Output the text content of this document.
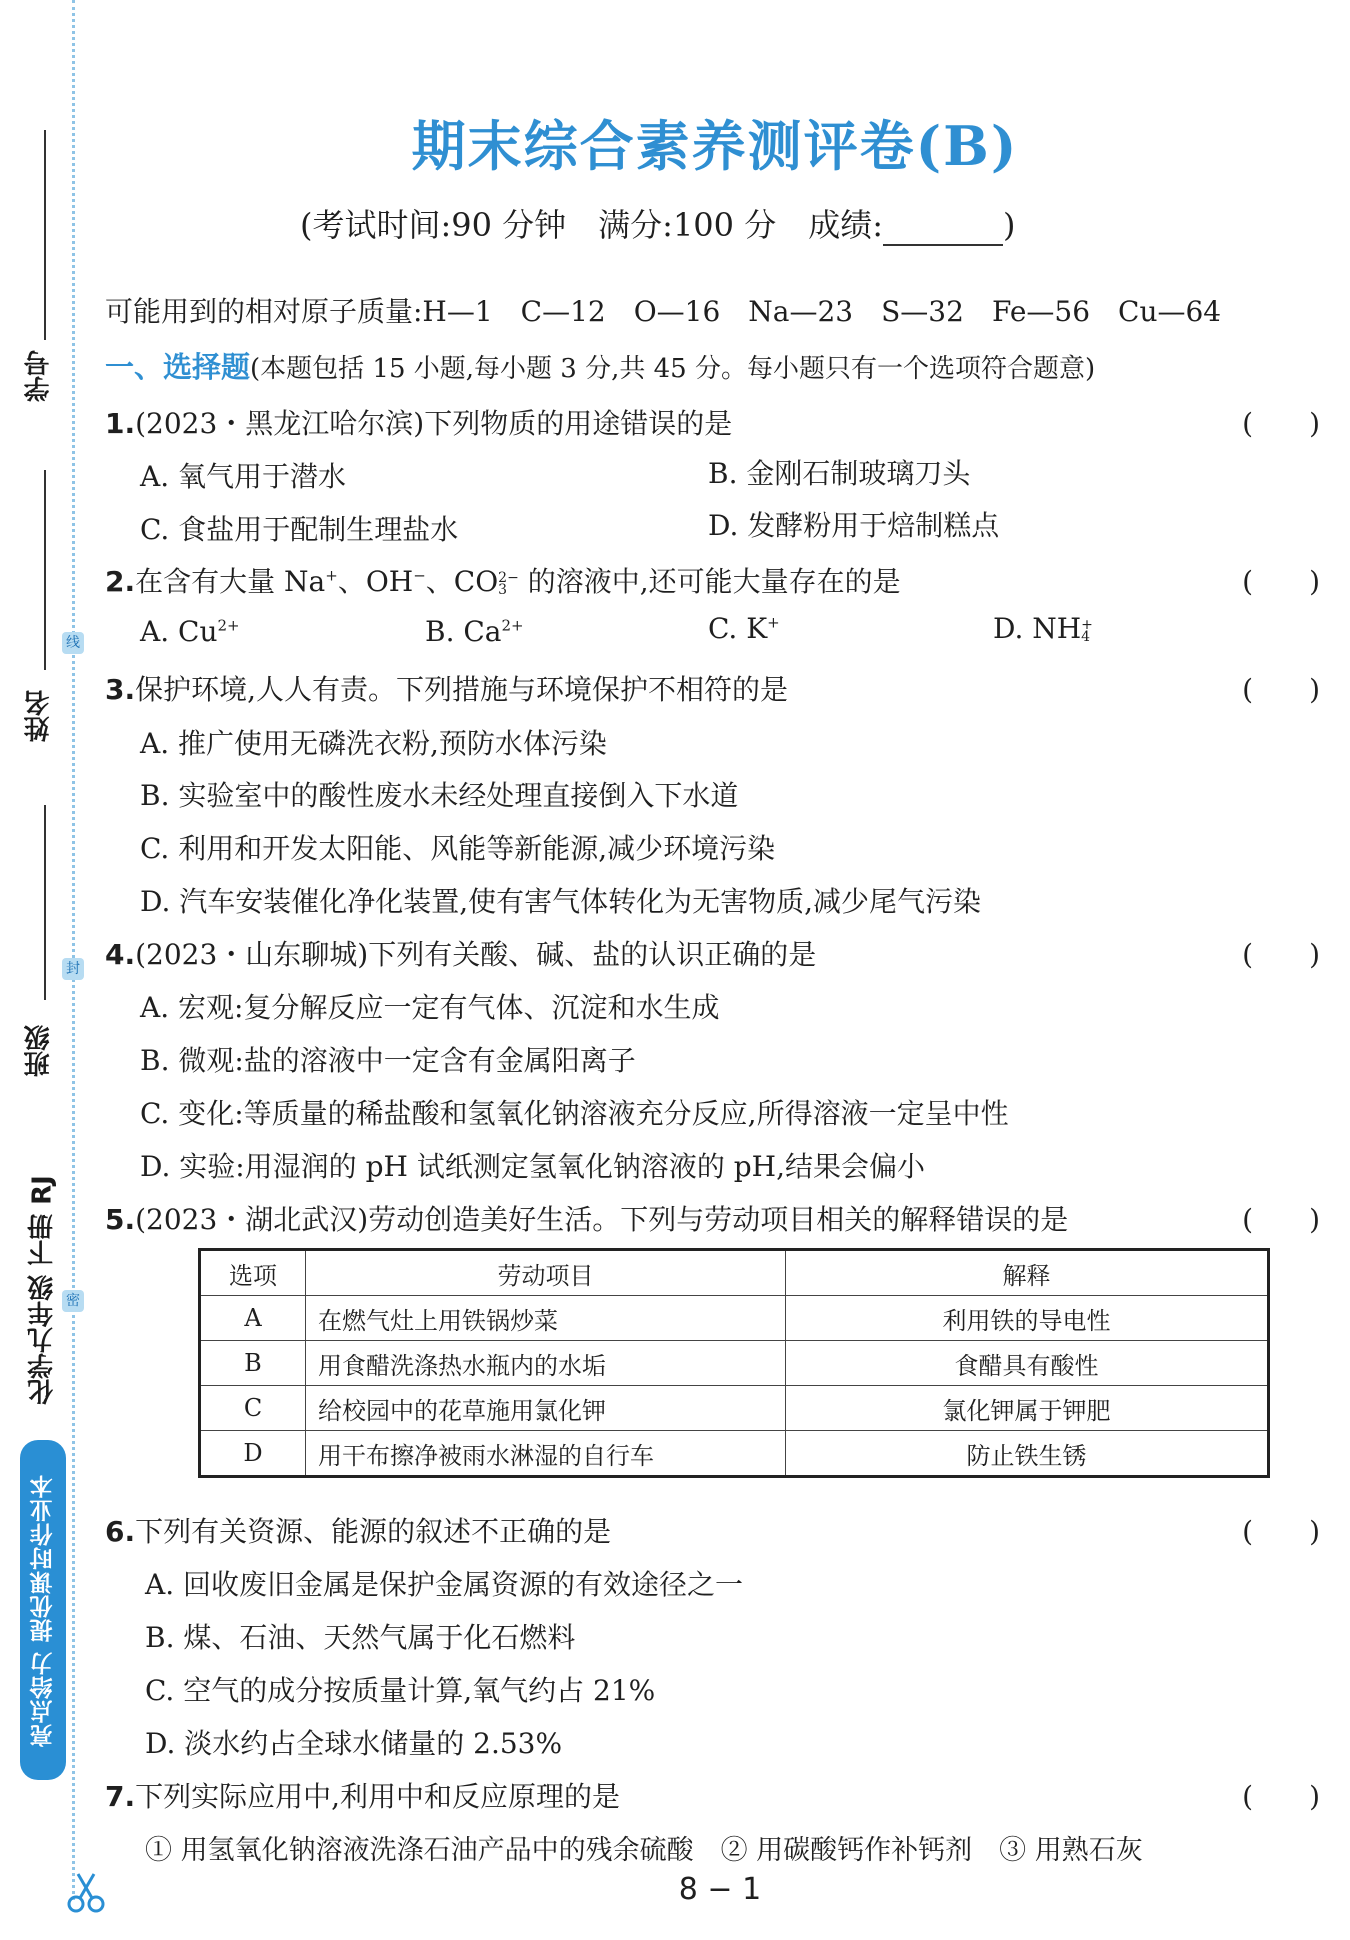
学号
线
姓名
封
班级
密
化学九年级 下册 RJ
亮点给力 提优课时作业本
期末综合素养测评卷(B)
(考试时间:90 分钟　满分:100 分　成绩:	)
可能用到的相对原子质量:H—1　C—12　O—16　Na—23　S—32　Fe—56　Cu—64
一、选择题(本题包括 15 小题,每小题 3 分,共 45 分。每小题只有一个选项符合题意)
1.(2023・黑龙江哈尔滨)下列物质的用途错误的是	(　　)
A. 氧气用于潜水	B. 金刚石制玻璃刀头
C. 食盐用于配制生理盐水	D. 发酵粉用于焙制糕点
2.在含有大量 Na+、OH−、CO 2−
3 的溶液中,还可能大量存在的是	(　　)
A. $Cu^{2+}$	B. $Ca^{2+}$	C. K+	D. NH +
4
3.保护环境,人人有责。下列措施与环境保护不相符的是	(　　)
A. 推广使用无磷洗衣粉,预防水体污染
B. 实验室中的酸性废水未经处理直接倒入下水道
C. 利用和开发太阳能、风能等新能源,减少环境污染
D. 汽车安装催化净化装置,使有害气体转化为无害物质,减少尾气污染
4.(2023・山东聊城)下列有关酸、碱、盐的认识正确的是	(　　)
A. 宏观:复分解反应一定有气体、沉淀和水生成
B. 微观:盐的溶液中一定含有金属阳离子
C. 变化:等质量的稀盐酸和氢氧化钠溶液充分反应,所得溶液一定呈中性
D. 实验:用湿润的 pH 试纸测定氢氧化钠溶液的 pH,结果会偏小
5.(2023・湖北武汉)劳动创造美好生活。下列与劳动项目相关的解释错误的是	(　　)
选项	劳动项目	解释
A	在燃气灶上用铁锅炒菜	利用铁的导电性
B	用食醋洗涤热水瓶内的水垢	食醋具有酸性
C	给校园中的花草施用氯化钾	氯化钾属于钾肥
D	用干布擦净被雨水淋湿的自行车	防止铁生锈
6.下列有关资源、能源的叙述不正确的是	(　　)
A. 回收废旧金属是保护金属资源的有效途径之一
B. 煤、石油、天然气属于化石燃料
C. 空气的成分按质量计算,氧气约占 21%
D. 淡水约占全球水储量的 2.53%
7.下列实际应用中,利用中和反应原理的是	(　　)
① 用氢氧化钠溶液洗涤石油产品中的残余硫酸　② 用碳酸钙作补钙剂　③ 用熟石灰
8 − 1
